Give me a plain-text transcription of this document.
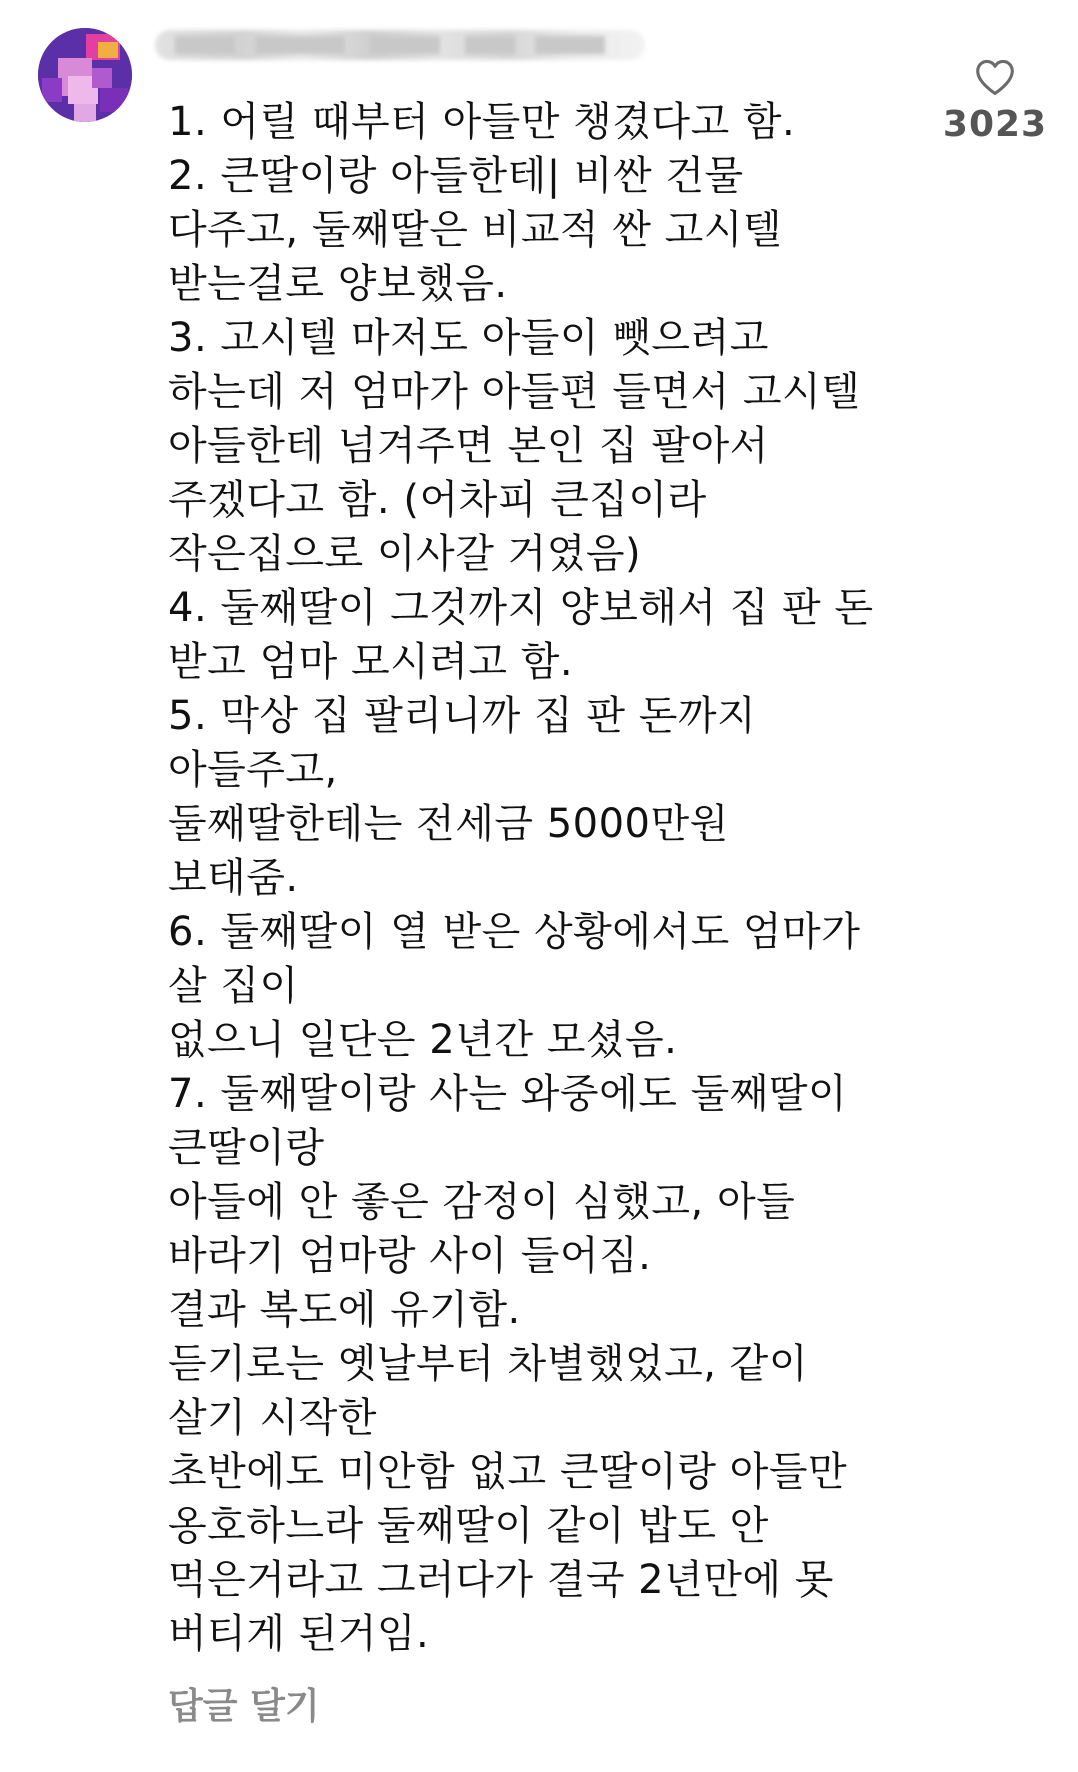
1. 어릴 때부터 아들만 챙겼다고 함.
2. 큰딸이랑 아들한테| 비싼 건물
다주고, 둘째딸은 비교적 싼 고시텔
받는걸로 양보했음.
3. 고시텔 마저도 아들이 뺏으려고
하는데 저 엄마가 아들편 들면서 고시텔
아들한테 넘겨주면 본인 집 팔아서
주겠다고 함. (어차피 큰집이라
작은집으로 이사갈 거였음)
4. 둘째딸이 그것까지 양보해서 집 판 돈
받고 엄마 모시려고 함.
5. 막상 집 팔리니까 집 판 돈까지
아들주고,
둘째딸한테는 전세금 5000만원
보태줌.
6. 둘째딸이 열 받은 상황에서도 엄마가
살 집이
없으니 일단은 2년간 모셨음.
7. 둘째딸이랑 사는 와중에도 둘째딸이
큰딸이랑
아들에 안 좋은 감정이 심했고, 아들
바라기 엄마랑 사이 들어짐.
결과 복도에 유기함.
듣기로는 옛날부터 차별했었고, 같이
살기 시작한
초반에도 미안함 없고 큰딸이랑 아들만
옹호하느라 둘째딸이 같이 밥도 안
먹은거라고 그러다가 결국 2년만에 못
버티게 된거임.
3023
답글 달기
